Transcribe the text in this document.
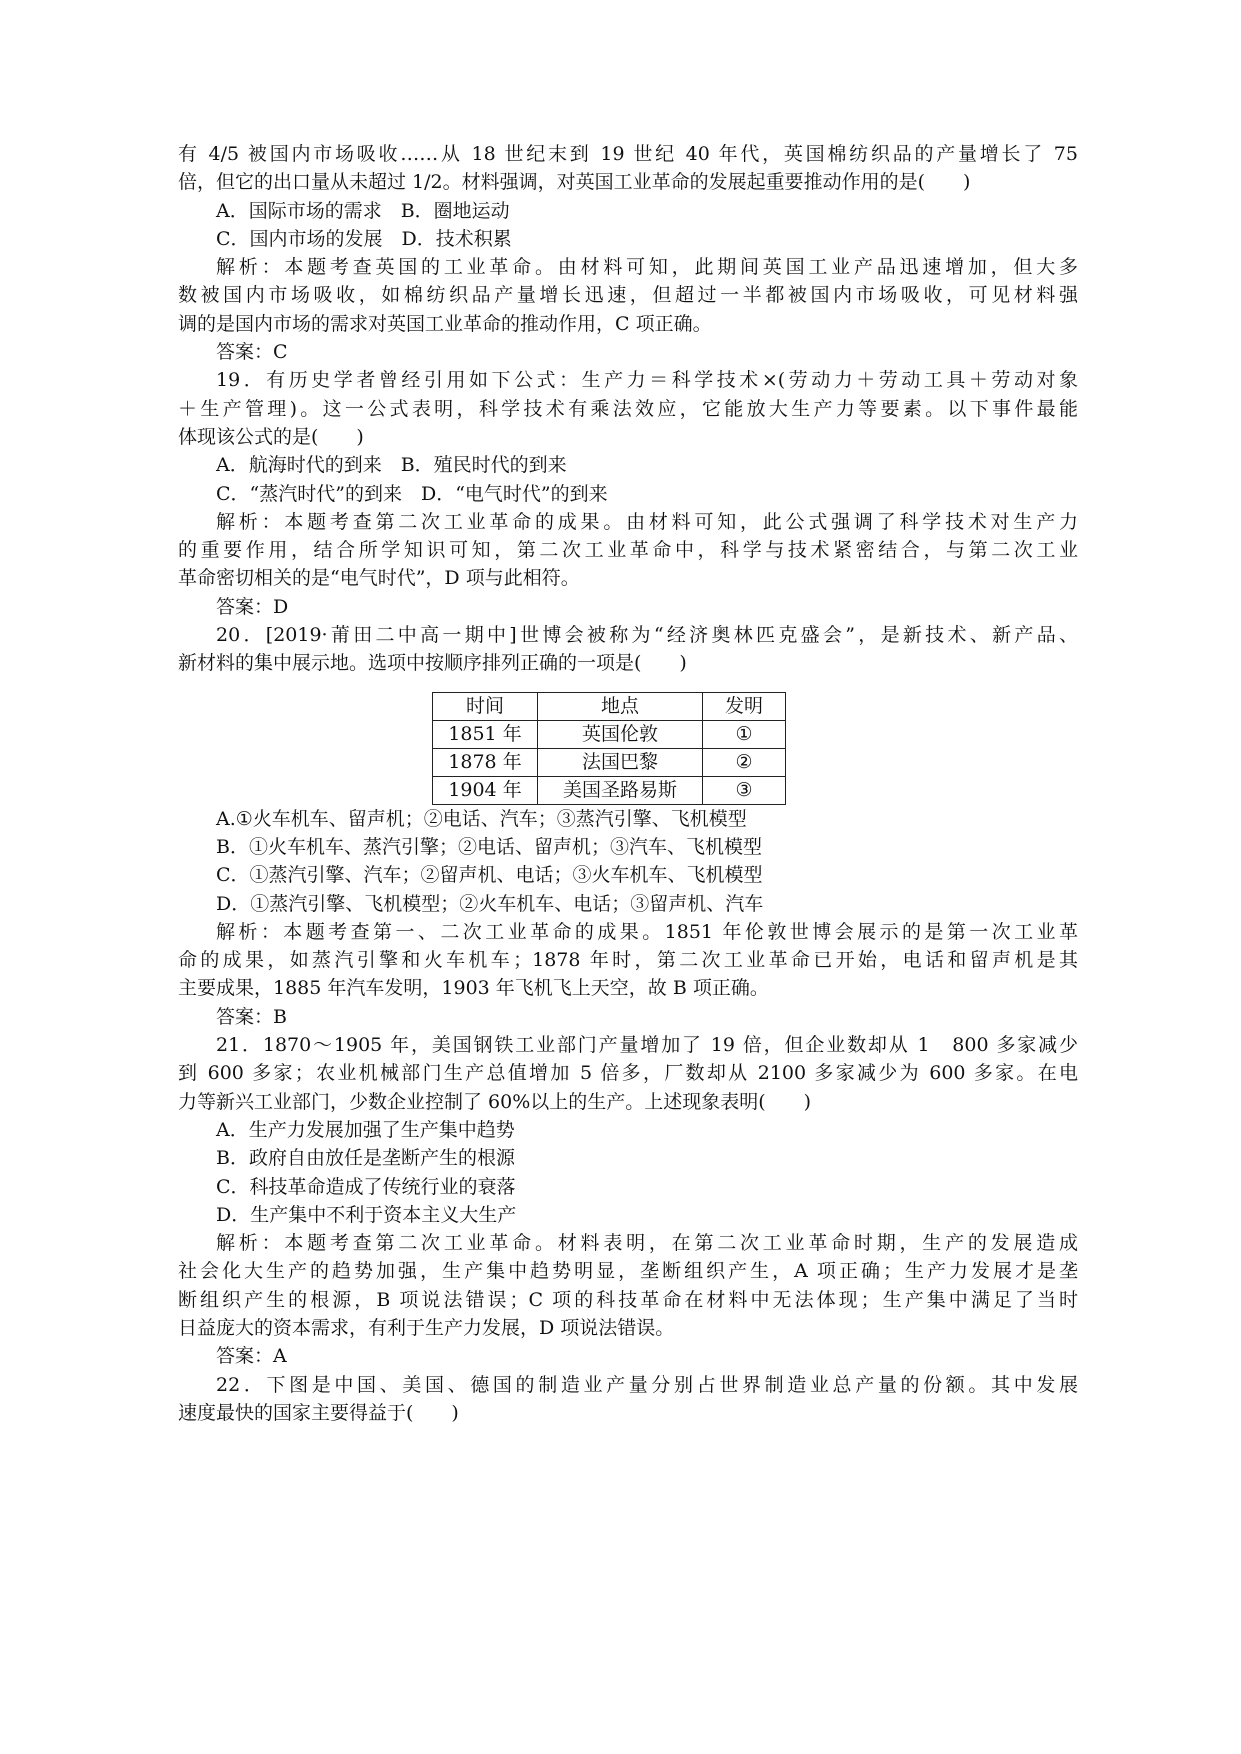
有 4/5 被国内市场吸收……从 18 世纪末到 19 世纪 40 年代，英国棉纺织品的产量增长了 75
倍，但它的出口量从未超过 1/2。材料强调，对英国工业革命的发展起重要推动作用的是(　　)
A．国际市场的需求　B．圈地运动
C．国内市场的发展　D．技术积累
解析：本题考查英国的工业革命。由材料可知，此期间英国工业产品迅速增加，但大多
数被国内市场吸收，如棉纺织品产量增长迅速，但超过一半都被国内市场吸收，可见材料强
调的是国内市场的需求对英国工业革命的推动作用，C 项正确。
答案：C
19．有历史学者曾经引用如下公式：生产力＝科学技术×(劳动力＋劳动工具＋劳动对象
＋生产管理)。这一公式表明，科学技术有乘法效应，它能放大生产力等要素。以下事件最能
体现该公式的是(　　)
A．航海时代的到来　B．殖民时代的到来
C．“蒸汽时代”的到来　D．“电气时代”的到来
解析：本题考查第二次工业革命的成果。由材料可知，此公式强调了科学技术对生产力
的重要作用，结合所学知识可知，第二次工业革命中，科学与技术紧密结合，与第二次工业
革命密切相关的是“电气时代”，D 项与此相符。
答案：D
20．[2019·莆田二中高一期中]世博会被称为“经济奥林匹克盛会”，是新技术、新产品、
新材料的集中展示地。选项中按顺序排列正确的一项是(　　)
时间	地点	发明
1851 年	英国伦敦	①
1878 年	法国巴黎	②
1904 年	美国圣路易斯	③
A.①火车机车、留声机；②电话、汽车；③蒸汽引擎、飞机模型
B．①火车机车、蒸汽引擎；②电话、留声机；③汽车、飞机模型
C．①蒸汽引擎、汽车；②留声机、电话；③火车机车、飞机模型
D．①蒸汽引擎、飞机模型；②火车机车、电话；③留声机、汽车
解析：本题考查第一、二次工业革命的成果。1851 年伦敦世博会展示的是第一次工业革
命的成果，如蒸汽引擎和火车机车；1878 年时，第二次工业革命已开始，电话和留声机是其
主要成果，1885 年汽车发明，1903 年飞机飞上天空，故 B 项正确。
答案：B
21．1870～1905 年，美国钢铁工业部门产量增加了 19 倍，但企业数却从 1　800 多家减少
到 600 多家；农业机械部门生产总值增加 5 倍多，厂数却从 2100 多家减少为 600 多家。在电
力等新兴工业部门，少数企业控制了 60%以上的生产。上述现象表明(　　)
A．生产力发展加强了生产集中趋势
B．政府自由放任是垄断产生的根源
C．科技革命造成了传统行业的衰落
D．生产集中不利于资本主义大生产
解析：本题考查第二次工业革命。材料表明，在第二次工业革命时期，生产的发展造成
社会化大生产的趋势加强，生产集中趋势明显，垄断组织产生，A 项正确；生产力发展才是垄
断组织产生的根源，B 项说法错误；C 项的科技革命在材料中无法体现；生产集中满足了当时
日益庞大的资本需求，有利于生产力发展，D 项说法错误。
答案：A
22．下图是中国、美国、德国的制造业产量分别占世界制造业总产量的份额。其中发展
速度最快的国家主要得益于(　　)
